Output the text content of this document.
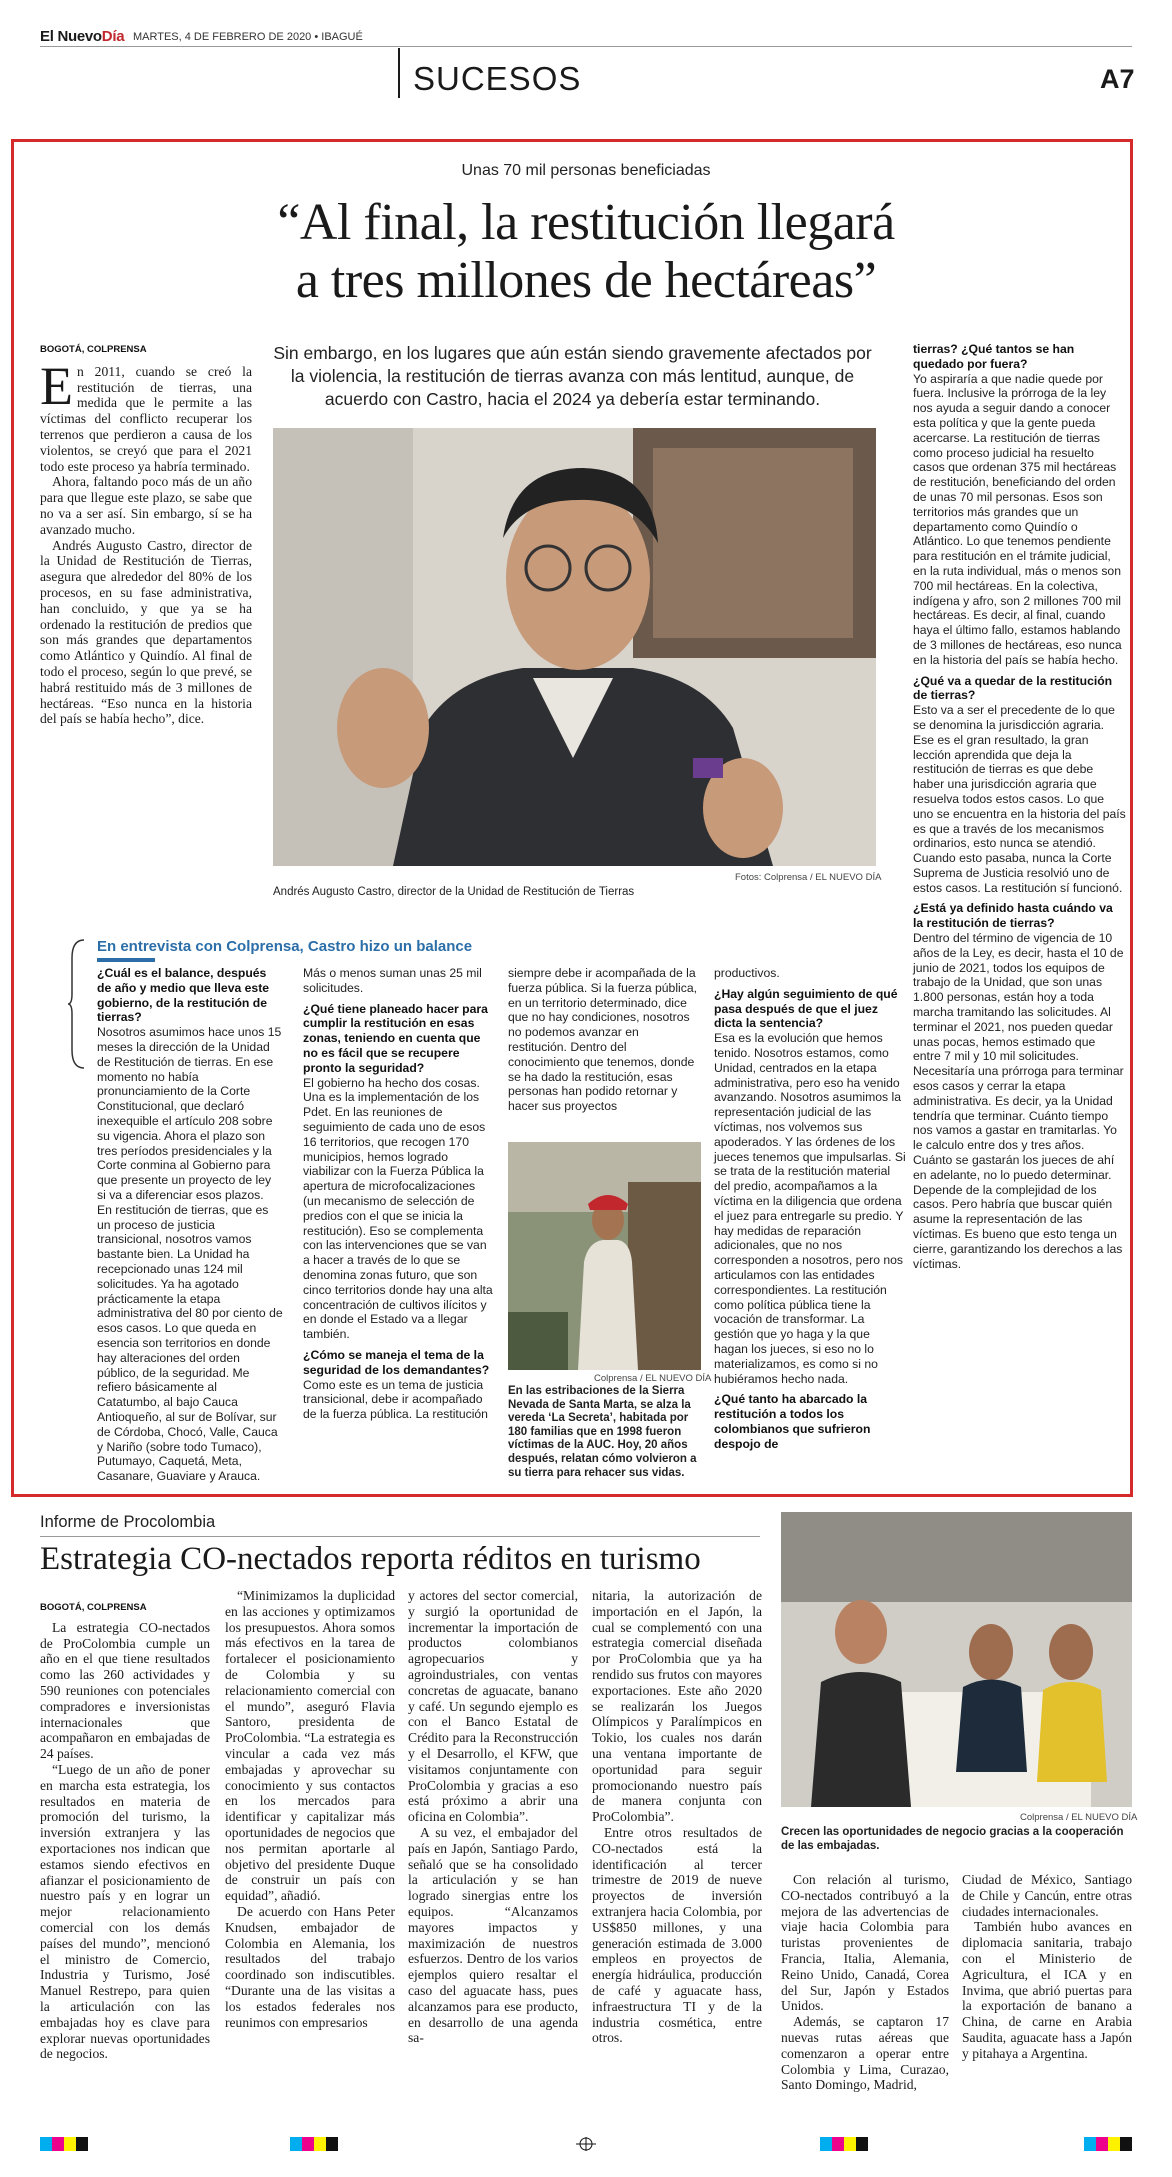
El NuevoDía MARTES, 4 DE FEBRERO DE 2020 • IBAGUÉ
SUCESOS	A7
Unas 70 mil personas beneficiadas
“Al final, la restitución llegará
a tres millones de hectáreas”
Sin embargo, en los lugares que aún están siendo gravemente afectados por la violencia, la restitución de tierras avanza con más lentitud, aunque, de acuerdo con Castro, hacia el 2024 ya debería estar terminando.
BOGOTÁ, COLPRENSA

En 2011, cuando se creó la restitución de tierras, una medida que le permite a las víctimas del conflicto recuperar los terrenos que perdieron a causa de los violentos, se creyó que para el 2021 todo este proceso ya habría terminado.

Ahora, faltando poco más de un año para que llegue este plazo, se sabe que no va a ser así. Sin embargo, sí se ha avanzado mucho.

Andrés Augusto Castro, director de la Unidad de Restitución de Tierras, asegura que alrededor del 80% de los procesos, en su fase administrativa, han concluido, y que ya se ha ordenado la restitución de predios que son más grandes que departamentos como Atlántico y Quindío. Al final de todo el proceso, según lo que prevé, se habrá restituido más de 3 millones de hectáreas. “Eso nunca en la historia del país se había hecho”, dice.

Fotos: Colprensa / EL NUEVO DÍA
Andrés Augusto Castro, director de la Unidad de Restitución de Tierras
tierras? ¿Qué tantos se han quedado por fuera?

Yo aspiraría a que nadie quede por fuera. Inclusive la prórroga de la ley nos ayuda a seguir dando a conocer esta política y que la gente pueda acercarse. La restitución de tierras como proceso judicial ha resuelto casos que ordenan 375 mil hectáreas de restitución, beneficiando del orden de unas 70 mil personas. Esos son territorios más grandes que un departamento como Quindío o Atlántico. Lo que tenemos pendiente para restitución en el trámite judicial, en la ruta individual, más o menos son 700 mil hectáreas. En la colectiva, indígena y afro, son 2 millones 700 mil hectáreas. Es decir, al final, cuando haya el último fallo, estamos hablando de 3 millones de hectáreas, eso nunca en la historia del país se había hecho.

¿Qué va a quedar de la restitución de tierras?

Esto va a ser el precedente de lo que se denomina la jurisdicción agraria. Ese es el gran resultado, la gran lección aprendida que deja la restitución de tierras es que debe haber una jurisdicción agraria que resuelva todos estos casos. Lo que uno se encuentra en la historia del país es que a través de los mecanismos ordinarios, esto nunca se atendió. Cuando esto pasaba, nunca la Corte Suprema de Justicia resolvió uno de estos casos. La restitución sí funcionó.

¿Está ya definido hasta cuándo va la restitución de tierras?

Dentro del término de vigencia de 10 años de la Ley, es decir, hasta el 10 de junio de 2021, todos los equipos de trabajo de la Unidad, que son unas 1.800 personas, están hoy a toda marcha tramitando las solicitudes. Al terminar el 2021, nos pueden quedar unas pocas, hemos estimado que entre 7 mil y 10 mil solicitudes.

Necesitaría una prórroga para terminar esos casos y cerrar la etapa administrativa. Es decir, ya la Unidad tendría que terminar. Cuánto tiempo nos vamos a gastar en tramitarlas. Yo le calculo entre dos y tres años. Cuánto se gastarán los jueces de ahí en adelante, no lo puedo determinar. Depende de la complejidad de los casos. Pero habría que buscar quién asume la representación de las víctimas. Es bueno que esto tenga un cierre, garantizando los derechos a las víctimas.

En entrevista con Colprensa, Castro hizo un balance
¿Cuál es el balance, después de año y medio que lleva este gobierno, de la restitución de tierras?

Nosotros asumimos hace unos 15 meses la dirección de la Unidad de Restitución de tierras. En ese momento no había pronunciamiento de la Corte Constitucional, que declaró inexequible el artículo 208 sobre su vigencia. Ahora el plazo son tres períodos presidenciales y la Corte conmina al Gobierno para que presente un proyecto de ley si va a diferenciar esos plazos.

En restitución de tierras, que es un proceso de justicia transicional, nosotros vamos bastante bien. La Unidad ha recepcionado unas 124 mil solicitudes. Ya ha agotado prácticamente la etapa administrativa del 80 por ciento de esos casos. Lo que queda en esencia son territorios en donde hay alteraciones del orden público, de la seguridad. Me refiero básicamente al Catatumbo, al bajo Cauca Antioqueño, al sur de Bolívar, sur de Córdoba, Chocó, Valle, Cauca y Nariño (sobre todo Tumaco), Putumayo, Caquetá, Meta, Casanare, Guaviare y Arauca.

Más o menos suman unas 25 mil solicitudes.

¿Qué tiene planeado hacer para cumplir la restitución en esas zonas, teniendo en cuenta que no es fácil que se recupere pronto la seguridad?

El gobierno ha hecho dos cosas. Una es la implementación de los Pdet. En las reuniones de seguimiento de cada uno de esos 16 territorios, que recogen 170 municipios, hemos logrado viabilizar con la Fuerza Pública la apertura de microfocalizaciones (un mecanismo de selección de predios con el que se inicia la restitución). Eso se complementa con las intervenciones que se van a hacer a través de lo que se denomina zonas futuro, que son cinco territorios donde hay una alta concentración de cultivos ilícitos y en donde el Estado va a llegar también.

¿Cómo se maneja el tema de la seguridad de los demandantes?

Como este es un tema de justicia transicional, debe ir acompañado de la fuerza pública. La restitución

siempre debe ir acompañada de la fuerza pública. Si la fuerza pública, en un territorio determinado, dice que no hay condiciones, nosotros no podemos avanzar en restitución. Dentro del conocimiento que tenemos, donde se ha dado la restitución, esas personas han podido retornar y hacer sus proyectos

Colprensa / EL NUEVO DÍA
En las estribaciones de la Sierra Nevada de Santa Marta, se alza la vereda ‘La Secreta’, habitada por 180 familias que en 1998 fueron víctimas de la AUC. Hoy, 20 años después, relatan cómo volvieron a su tierra para rehacer sus vidas.

productivos.

¿Hay algún seguimiento de qué pasa después de que el juez dicta la sentencia?

Esa es la evolución que hemos tenido. Nosotros estamos, como Unidad, centrados en la etapa administrativa, pero eso ha venido avanzando. Nosotros asumimos la representación judicial de las víctimas, nos volvemos sus apoderados. Y las órdenes de los jueces tenemos que impulsarlas. Si se trata de la restitución material del predio, acompañamos a la víctima en la diligencia que ordena el juez para entregarle su predio. Y hay medidas de reparación adicionales, que no nos corresponden a nosotros, pero nos articulamos con las entidades correspondientes. La restitución como política pública tiene la vocación de transformar. La gestión que yo haga y la que hagan los jueces, si eso no lo materializamos, es como si no hubiéramos hecho nada.

¿Qué tanto ha abarcado la restitución a todos los colombianos que sufrieron despojo de
Informe de Procolombia
Estrategia CO-nectados reporta réditos en turismo
BOGOTÁ, COLPRENSA

La estrategia CO-nectados de ProColombia cumple un año en el que tiene resultados como las 260 actividades y 590 reuniones con potenciales compradores e inversionistas internacionales que acompañaron en embajadas de 24 países.

“Luego de un año de poner en marcha esta estrategia, los resultados en materia de promoción del turismo, la inversión extranjera y las exportaciones nos indican que estamos siendo efectivos en afianzar el posicionamiento de nuestro país y en lograr un mejor relacionamiento comercial con los demás países del mundo”, mencionó el ministro de Comercio, Industria y Turismo, José Manuel Restrepo, para quien la articulación con las embajadas hoy es clave para explorar nuevas oportunidades de negocios.

“Minimizamos la duplicidad en las acciones y optimizamos los presupuestos. Ahora somos más efectivos en la tarea de fortalecer el posicionamiento de Colombia y su relacionamiento comercial con el mundo”, aseguró Flavia Santoro, presidenta de ProColombia. “La estrategia es vincular a cada vez más embajadas y aprovechar su conocimiento y sus contactos en los mercados para identificar y capitalizar más oportunidades de negocios que nos permitan aportarle al objetivo del presidente Duque de construir un país con equidad”, añadió.

De acuerdo con Hans Peter Knudsen, embajador de Colombia en Alemania, los resultados del trabajo coordinado son indiscutibles. “Durante una de las visitas a los estados federales nos reunimos con empresarios

y actores del sector comercial, y surgió la oportunidad de incrementar la importación de productos colombianos agropecuarios y agroindustriales, con ventas concretas de aguacate, banano y café. Un segundo ejemplo es con el Banco Estatal de Crédito para la Reconstrucción y el Desarrollo, el KFW, que visitamos conjuntamente con ProColombia y gracias a eso está próximo a abrir una oficina en Colombia”.

A su vez, el embajador del país en Japón, Santiago Pardo, señaló que se ha consolidado la articulación y se han logrado sinergias entre los equipos. “Alcanzamos mayores impactos y maximización de nuestros esfuerzos. Dentro de los varios ejemplos quiero resaltar el caso del aguacate hass, pues alcanzamos para ese producto, en desarrollo de una agenda sa-

nitaria, la autorización de importación en el Japón, la cual se complementó con una estrategia comercial diseñada por ProColombia que ya ha rendido sus frutos con mayores exportaciones. Este año 2020 se realizarán los Juegos Olímpicos y Paralímpicos en Tokio, los cuales nos darán una ventana importante de oportunidad para seguir promocionando nuestro país de manera conjunta con ProColombia”.

Entre otros resultados de CO-nectados está la identificación al tercer trimestre de 2019 de nueve proyectos de inversión extranjera hacia Colombia, por US$850 millones, y una generación estimada de 3.000 empleos en proyectos de energía hidráulica, producción de café y aguacate hass, infraestructura TI y de la industria cosmética, entre otros.

Colprensa / EL NUEVO DÍA
Crecen las oportunidades de negocio gracias a la cooperación de las embajadas.

Con relación al turismo, CO-nectados contribuyó a la mejora de las advertencias de viaje hacia Colombia para turistas provenientes de Francia, Italia, Alemania, Reino Unido, Canadá, Corea del Sur, Japón y Estados Unidos.

Además, se captaron 17 nuevas rutas aéreas que comenzaron a operar entre Colombia y Lima, Curazao, Santo Domingo, Madrid,

Ciudad de México, Santiago de Chile y Cancún, entre otras ciudades internacionales.

También hubo avances en diplomacia sanitaria, trabajo con el Ministerio de Agricultura, el ICA y en Invima, que abrió puertas para la exportación de banano a China, de carne en Arabia Saudita, aguacate hass a Japón y pitahaya a Argentina.
